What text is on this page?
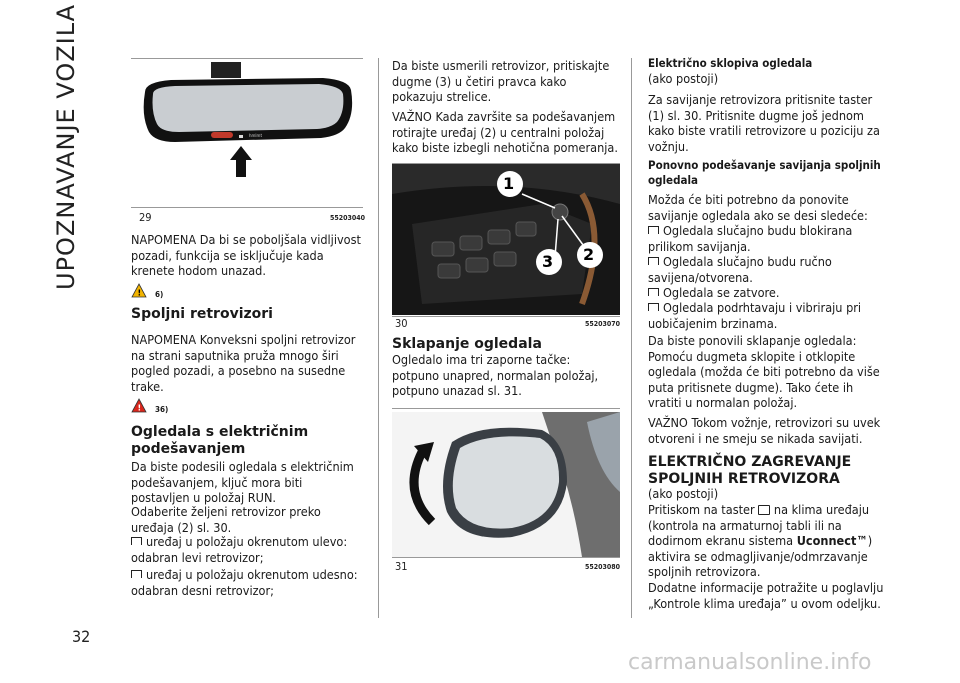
UPOZNAVANJE VOZILA
32
hmlmt
29	55203040

NAPOMENA Da bi se poboljšala vidljivost pozadi, funkcija se isključuje kada krenete hodom unazad.

! 6)
Spoljni retrovizori

NAPOMENA Konveksni spoljni retrovizor na strani saputnika pruža mnogo širi pogled pozadi, a posebno na susedne trake.

! 36)
Ogledala s električnim podešavanjem

Da biste podesili ogledala s električnim podešavanjem, ključ mora biti postavljen u položaj RUN.

Odaberite željeni retrovizor preko uređaja (2) sl. 30.

uređaj u položaju okrenutom ulevo: odabran levi retrovizor;

uređaj u položaju okrenutom udesno: odabran desni retrovizor;

Da biste usmerili retrovizor, pritiskajte dugme (3) u četiri pravca kako pokazuju strelice.

VAŽNO Kada završite sa podešavanjem rotirajte uređaj (2) u centralni položaj kako biste izbegli nehotična pomeranja.

1
2
3
30	55203070
Sklapanje ogledala

Ogledalo ima tri zaporne tačke: potpuno unapred, normalan položaj, potpuno unazad sl. 31.

31	55203080
Električno sklopiva ogledala

(ako postoji)

Za savijanje retrovizora pritisnite taster (1) sl. 30. Pritisnite dugme još jednom kako biste vratili retrovizore u poziciju za vožnju.

Ponovno podešavanje savijanja spoljnih ogledala

Možda će biti potrebno da ponovite savijanje ogledala ako se desi sledeće:

Ogledala slučajno budu blokirana prilikom savijanja.

Ogledala slučajno budu ručno savijena/otvorena.

Ogledala se zatvore.

Ogledala podrhtavaju i vibriraju pri uobičajenim brzinama.

Da biste ponovili sklapanje ogledala: Pomoću dugmeta sklopite i otklopite ogledala (možda će biti potrebno da više puta pritisnete dugme). Tako ćete ih vratiti u normalan položaj.

VAŽNO Tokom vožnje, retrovizori su uvek otvoreni i ne smeju se nikada savijati.

ELEKTRIČNO ZAGREVANJE SPOLJNIH RETROVIZORA

(ako postoji)

Pritiskom na taster na klima uređaju (kontrola na armaturnoj tabli ili na dodirnom ekranu sistema Uconnect™) aktivira se odmagljivanje/odmrzavanje spoljnih retrovizora.

Dodatne informacije potražite u poglavlju „Kontrole klima uređaja” u ovom odeljku.

carmanualsonline.info
